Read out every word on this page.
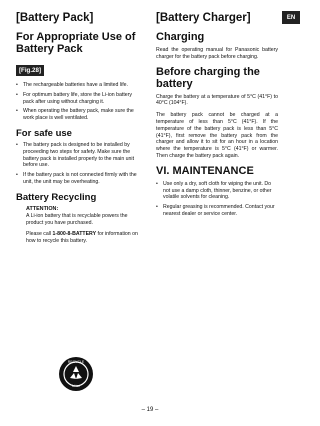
EN
[Battery Pack]
For Appropriate Use of Battery Pack
[Fig.28]
• The rechargeable batteries have a limited life.
• For optimum battery life, store the Li-ion battery pack after using without charging it.
• When operating the battery pack, make sure the work place is well ventilated.
For safe use
• The battery pack is designed to be installed by proceeding two steps for safety. Make sure the battery pack is installed properly to the main unit before use.
• If the battery pack is not connected firmly with the unit, the unit may be overheating.
Battery Recycling
ATTENTION:
A Li-ion battery that is recyclable powers the product you have purchased.
Please call 1-800-8-BATTERY for information on how to recycle this battery.
RECYCLE
Li-ion
[Battery Charger]
Charging
Read the operating manual for Panasonic battery charger for the battery pack before charging.
Before charging the battery
Charge the battery at a temperature of 5°C (41°F) to 40°C (104°F).
The battery pack cannot be charged at a temperature of less than 5°C (41°F). If the temperature of the battery pack is less than 5°C (41°F), first remove the battery pack from the charger and allow it to sit for an hour in a location where the temperature is 5°C (41°F) or warmer. Then charge the battery pack again.
VI. MAINTENANCE
• Use only a dry, soft cloth for wiping the unit. Do not use a damp cloth, thinner, benzine, or other volatile solvents for cleaning.
• Regular greasing is recommended. Contact your nearest dealer or service center.
– 19 –
